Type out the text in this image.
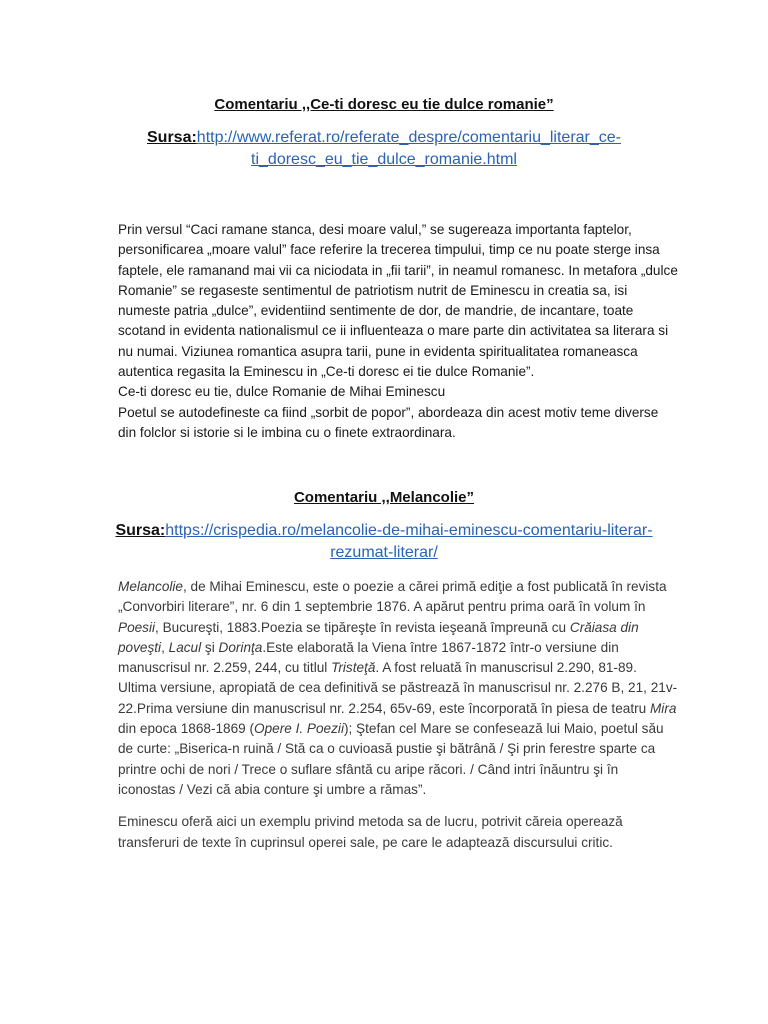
Comentariu ,,Ce-ti doresc eu tie dulce romanie”
Sursa:http://www.referat.ro/referate_despre/comentariu_literar_ce-
ti_doresc_eu_tie_dulce_romanie.html

Prin versul “Caci ramane stanca, desi moare valul,” se sugereaza importanta faptelor, personificarea „moare valul” face referire la trecerea timpului, timp ce nu poate sterge insa faptele, ele ramanand mai vii ca niciodata in „fii tarii”, in neamul romanesc. In metafora „dulce Romanie” se regaseste sentimentul de patriotism nutrit de Eminescu in creatia sa, isi numeste patria „dulce”, evidentiind sentimente de dor, de mandrie, de incantare, toate scotand in evidenta nationalismul ce ii influenteaza o mare parte din activitatea sa literara si nu numai. Viziunea romantica asupra tarii, pune in evidenta spiritualitatea romaneasca autentica regasita la Eminescu in „Ce-ti doresc ei tie dulce Romanie”.

Ce-ti doresc eu tie, dulce Romanie de Mihai Eminescu

Poetul se autodefineste ca fiind „sorbit de popor”, abordeaza din acest motiv teme diverse din folclor si istorie si le imbina cu o finete extraordinara.

Comentariu ,,Melancolie”
Sursa:https://crispedia.ro/melancolie-de-mihai-eminescu-comentariu-literar-
rezumat-literar/

Melancolie, de Mihai Eminescu, este o poezie a cărei primă ediţie a fost publicată în revista „Convorbiri literare”, nr. 6 din 1 septembrie 1876. A apărut pentru prima oară în volum în Poesii, Bucureşti, 1883.Poezia se tipăreşte în revista ieşeană împreună cu Crăiasa din poveşti, Lacul şi Dorinţa.Este elaborată la Viena între 1867-1872 într-o versiune din manuscrisul nr. 2.259, 244, cu titlul Tristeţă. A fost reluată în manuscrisul 2.290, 81-89. Ultima versiune, apropiată de cea definitivă se păstrează în manuscrisul nr. 2.276 B, 21, 21v-22.Prima versiune din manuscrisul nr. 2.254, 65v-69, este încorporată în piesa de teatru Mira din epoca 1868-1869 (Opere I. Poezii); Ştefan cel Mare se confesează lui Maio, poetul său de curte: „Biserica-n ruină / Stă ca o cuvioasă pustie şi bătrână / Şi prin ferestre sparte ca printre ochi de nori / Trece o suflare sfântă cu aripe răcori. / Când intri înăuntru şi în iconostas / Vezi că abia conture şi umbre a rămas”.

Eminescu oferă aici un exemplu privind metoda sa de lucru, potrivit căreia operează transferuri de texte în cuprinsul operei sale, pe care le adaptează discursului critic.
